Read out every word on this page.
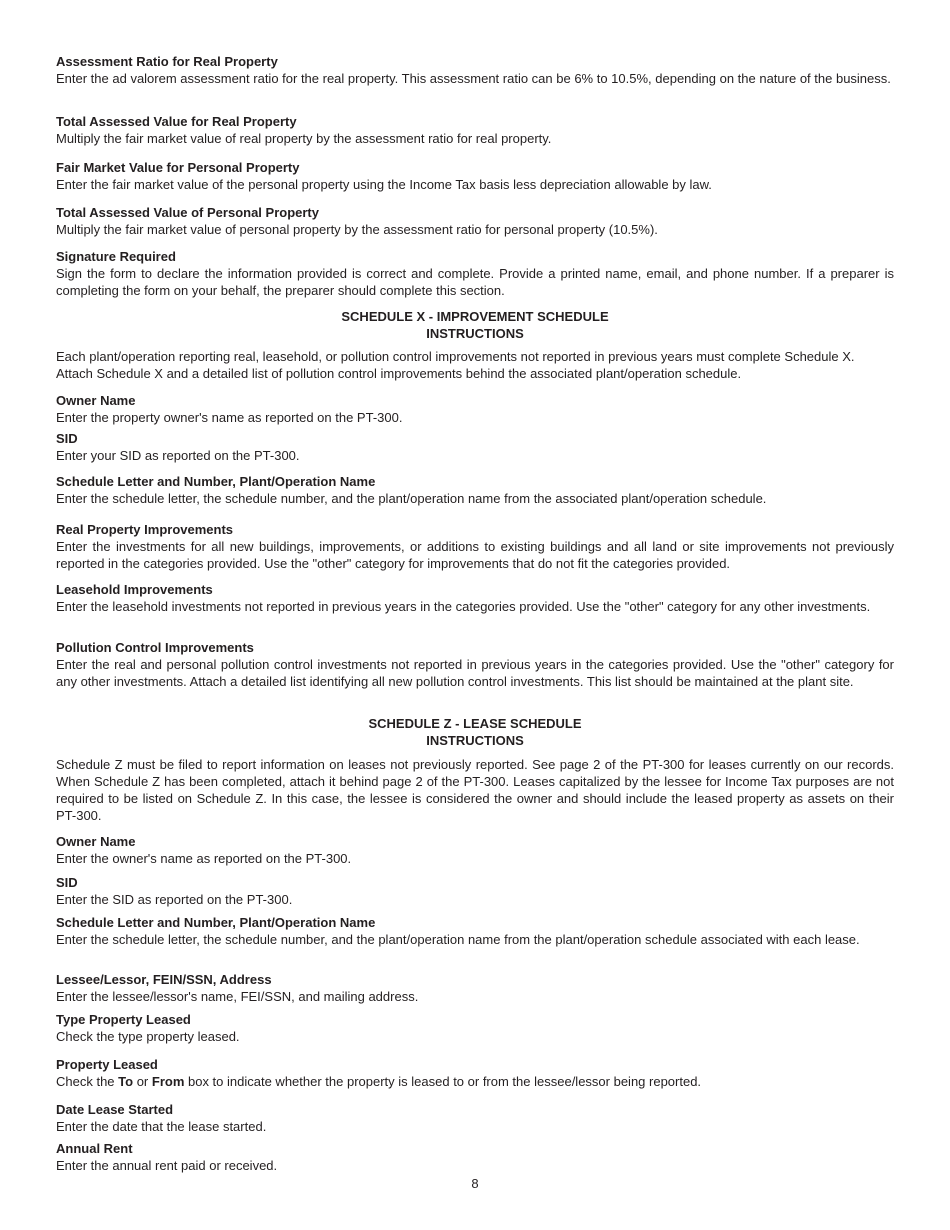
Assessment Ratio for Real Property

Enter the ad valorem assessment ratio for the real property. This assessment ratio can be 6% to 10.5%, depending on the nature of the business.

Total Assessed Value for Real Property

Multiply the fair market value of real property by the assessment ratio for real property.

Fair Market Value for Personal Property

Enter the fair market value of the personal property using the Income Tax basis less depreciation allowable by law.

Total Assessed Value of Personal Property

Multiply the fair market value of personal property by the assessment ratio for personal property (10.5%).

Signature Required

Sign the form to declare the information provided is correct and complete. Provide a printed name, email, and phone number. If a preparer is completing the form on your behalf, the preparer should complete this section.

SCHEDULE X - IMPROVEMENT SCHEDULE
INSTRUCTIONS

Each plant/operation reporting real, leasehold, or pollution control improvements not reported in previous years must complete Schedule X. Attach Schedule X and a detailed list of pollution control improvements behind the associated plant/operation schedule.

Owner Name

Enter the property owner's name as reported on the PT-300.

SID

Enter your SID as reported on the PT-300.

Schedule Letter and Number, Plant/Operation Name

Enter the schedule letter, the schedule number, and the plant/operation name from the associated plant/operation schedule.

Real Property Improvements

Enter the investments for all new buildings, improvements, or additions to existing buildings and all land or site improvements not previously reported in the categories provided. Use the "other" category for improvements that do not fit the categories provided.

Leasehold Improvements

Enter the leasehold investments not reported in previous years in the categories provided. Use the "other" category for any other investments.

Pollution Control Improvements

Enter the real and personal pollution control investments not reported in previous years in the categories provided. Use the "other" category for any other investments. Attach a detailed list identifying all new pollution control investments. This list should be maintained at the plant site.

SCHEDULE Z - LEASE SCHEDULE
INSTRUCTIONS

Schedule Z must be filed to report information on leases not previously reported. See page 2 of the PT-300 for leases currently on our records. When Schedule Z has been completed, attach it behind page 2 of the PT-300. Leases capitalized by the lessee for Income Tax purposes are not required to be listed on Schedule Z. In this case, the lessee is considered the owner and should include the leased property as assets on their PT-300.

Owner Name

Enter the owner's name as reported on the PT-300.

SID

Enter the SID as reported on the PT-300.

Schedule Letter and Number, Plant/Operation Name

Enter the schedule letter, the schedule number, and the plant/operation name from the plant/operation schedule associated with each lease.

Lessee/Lessor, FEIN/SSN, Address

Enter the lessee/lessor's name, FEI/SSN, and mailing address.

Type Property Leased

Check the type property leased.

Property Leased

Check the To or From box to indicate whether the property is leased to or from the lessee/lessor being reported.

Date Lease Started

Enter the date that the lease started.

Annual Rent

Enter the annual rent paid or received.

8
